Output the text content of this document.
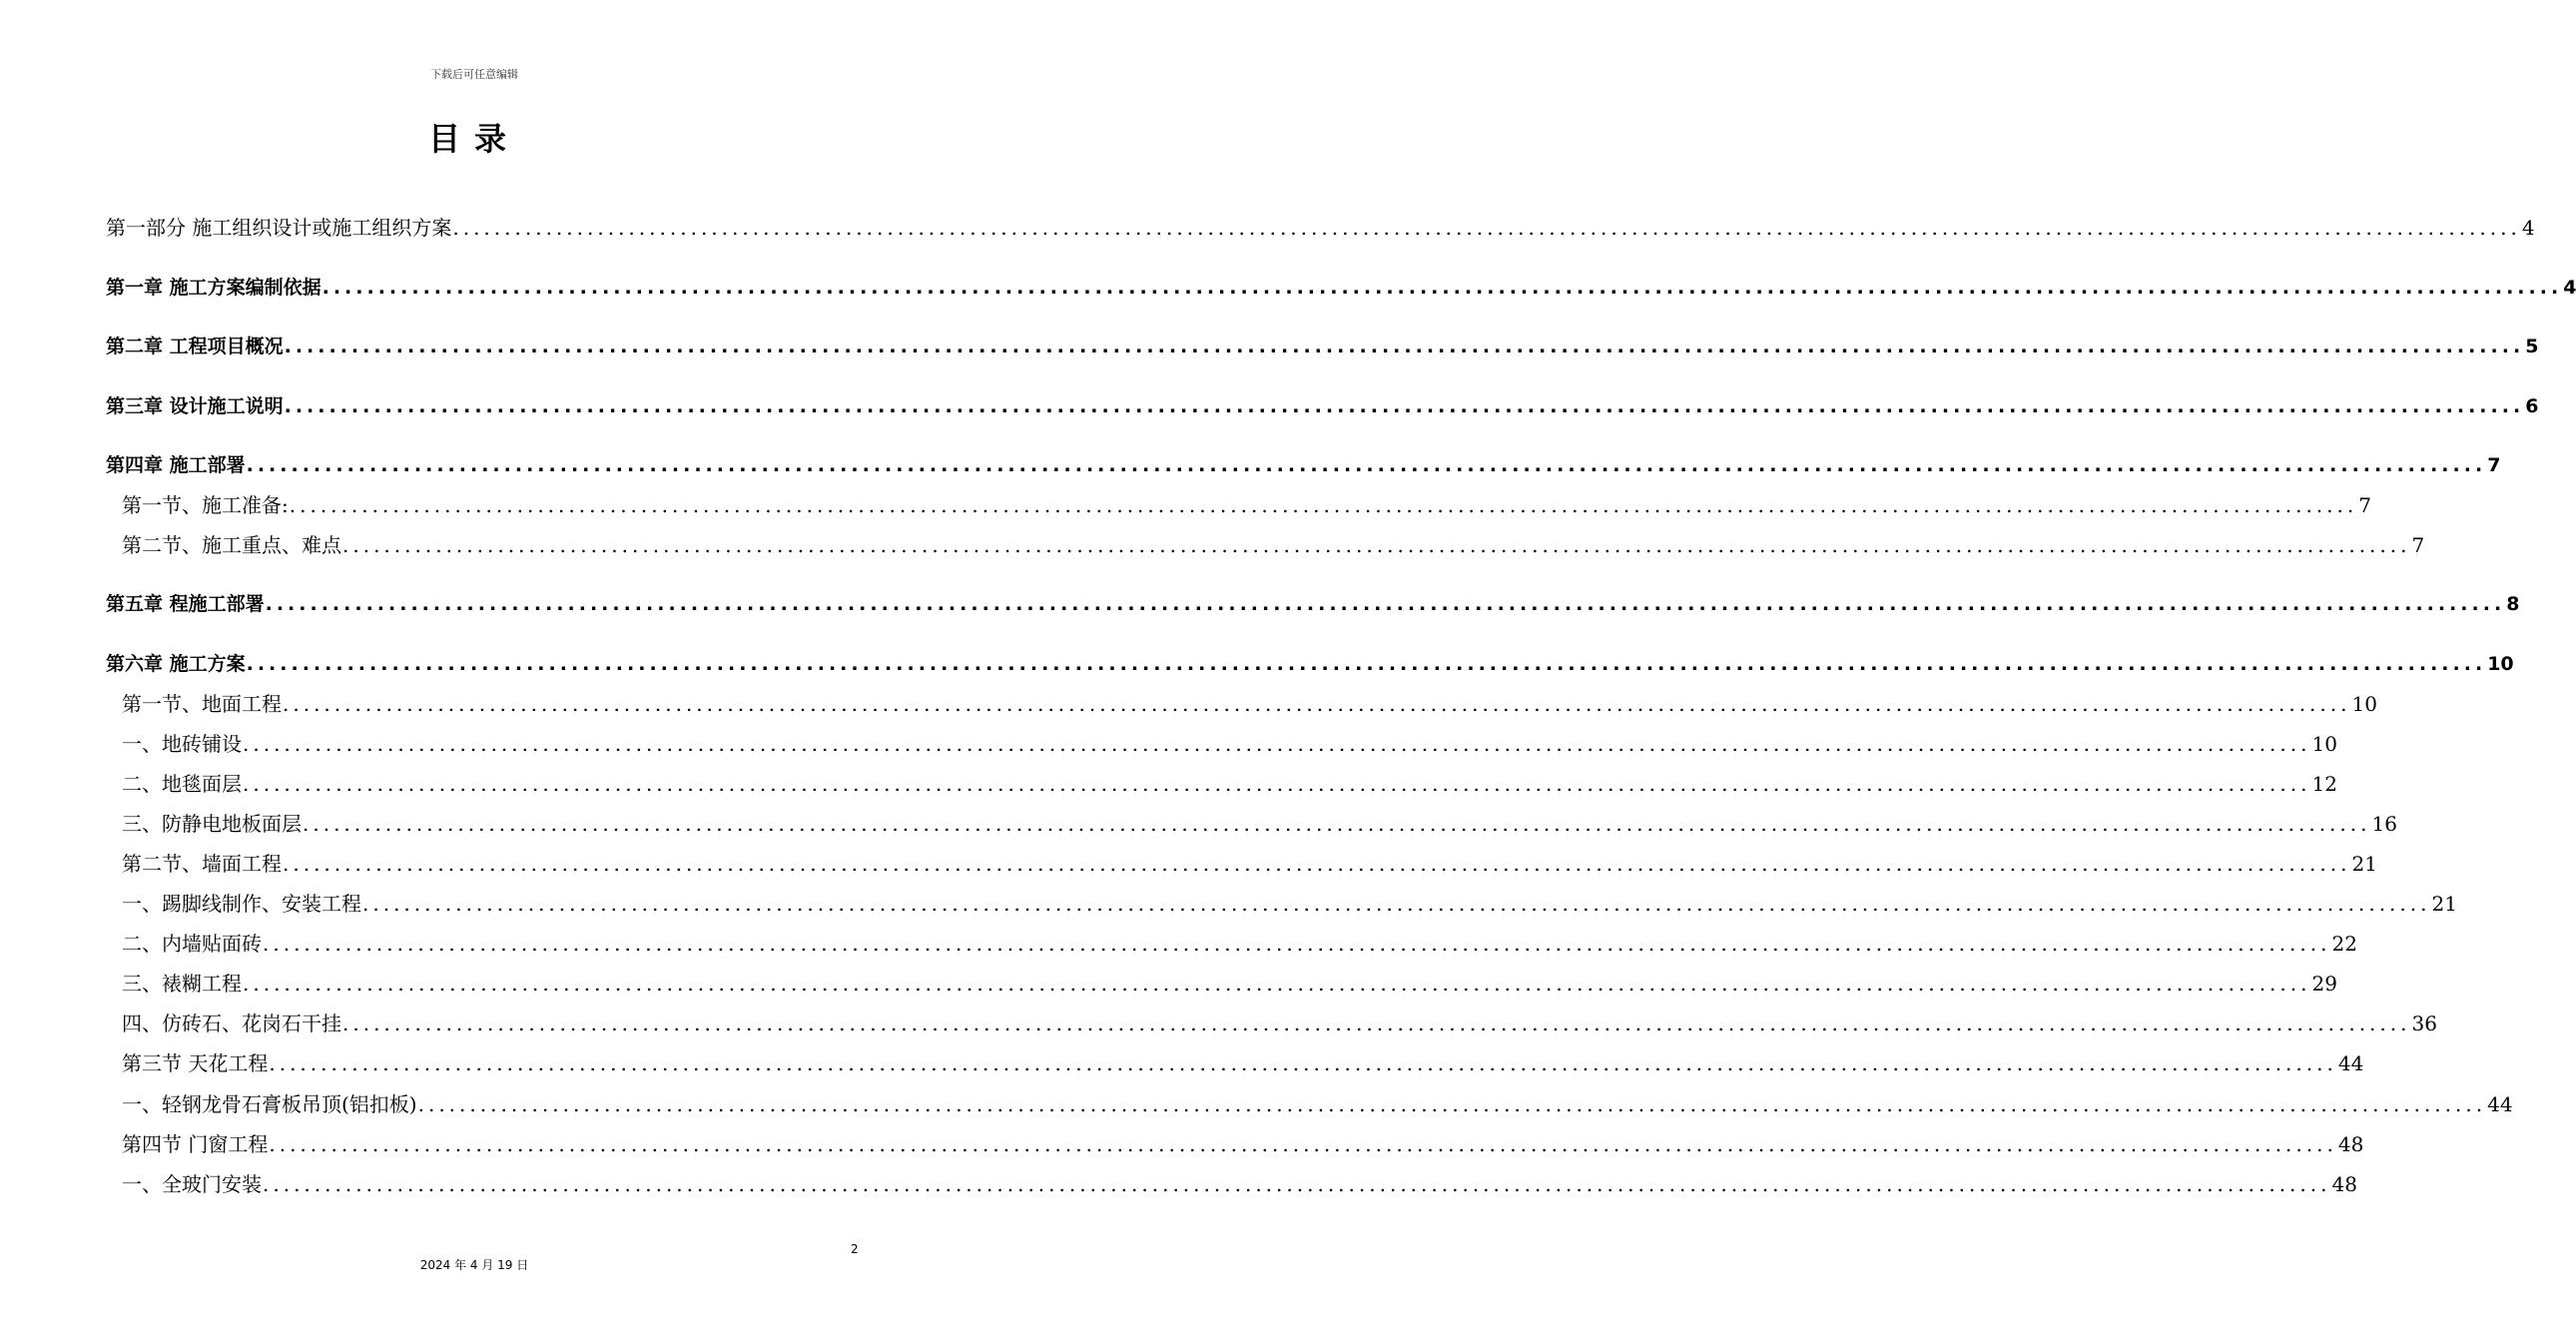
下载后可任意编辑
目录
第一部分 施工组织设计或施工组织方案 ........................................................................................................................................................................................................ 4
第一章 施工方案编制依据 ........................................................................................................................................................................................................ 4
第二章 工程项目概况 ........................................................................................................................................................................................................ 5
第三章 设计施工说明 ........................................................................................................................................................................................................ 6
第四章 施工部署 ........................................................................................................................................................................................................ 7
第一节、施工准备: ........................................................................................................................................................................................................ 7
第二节、施工重点、难点 ........................................................................................................................................................................................................ 7
第五章 程施工部署 ........................................................................................................................................................................................................ 8
第六章 施工方案 ........................................................................................................................................................................................................ 10
第一节、地面工程 ........................................................................................................................................................................................................ 10
一、地砖铺设 ........................................................................................................................................................................................................ 10
二、地毯面层 ........................................................................................................................................................................................................ 12
三、防静电地板面层 ........................................................................................................................................................................................................ 16
第二节、墙面工程 ........................................................................................................................................................................................................ 21
一、踢脚线制作、安装工程 ........................................................................................................................................................................................................ 21
二、内墙贴面砖 ........................................................................................................................................................................................................ 22
三、裱糊工程 ........................................................................................................................................................................................................ 29
四、仿砖石、花岗石干挂 ........................................................................................................................................................................................................ 36
第三节 天花工程 ........................................................................................................................................................................................................ 44
一、轻钢龙骨石膏板吊顶(铝扣板) ........................................................................................................................................................................................................ 44
第四节 门窗工程 ........................................................................................................................................................................................................ 48
一、全玻门安装 ........................................................................................................................................................................................................ 48
2
2024 年 4 月 19 日
